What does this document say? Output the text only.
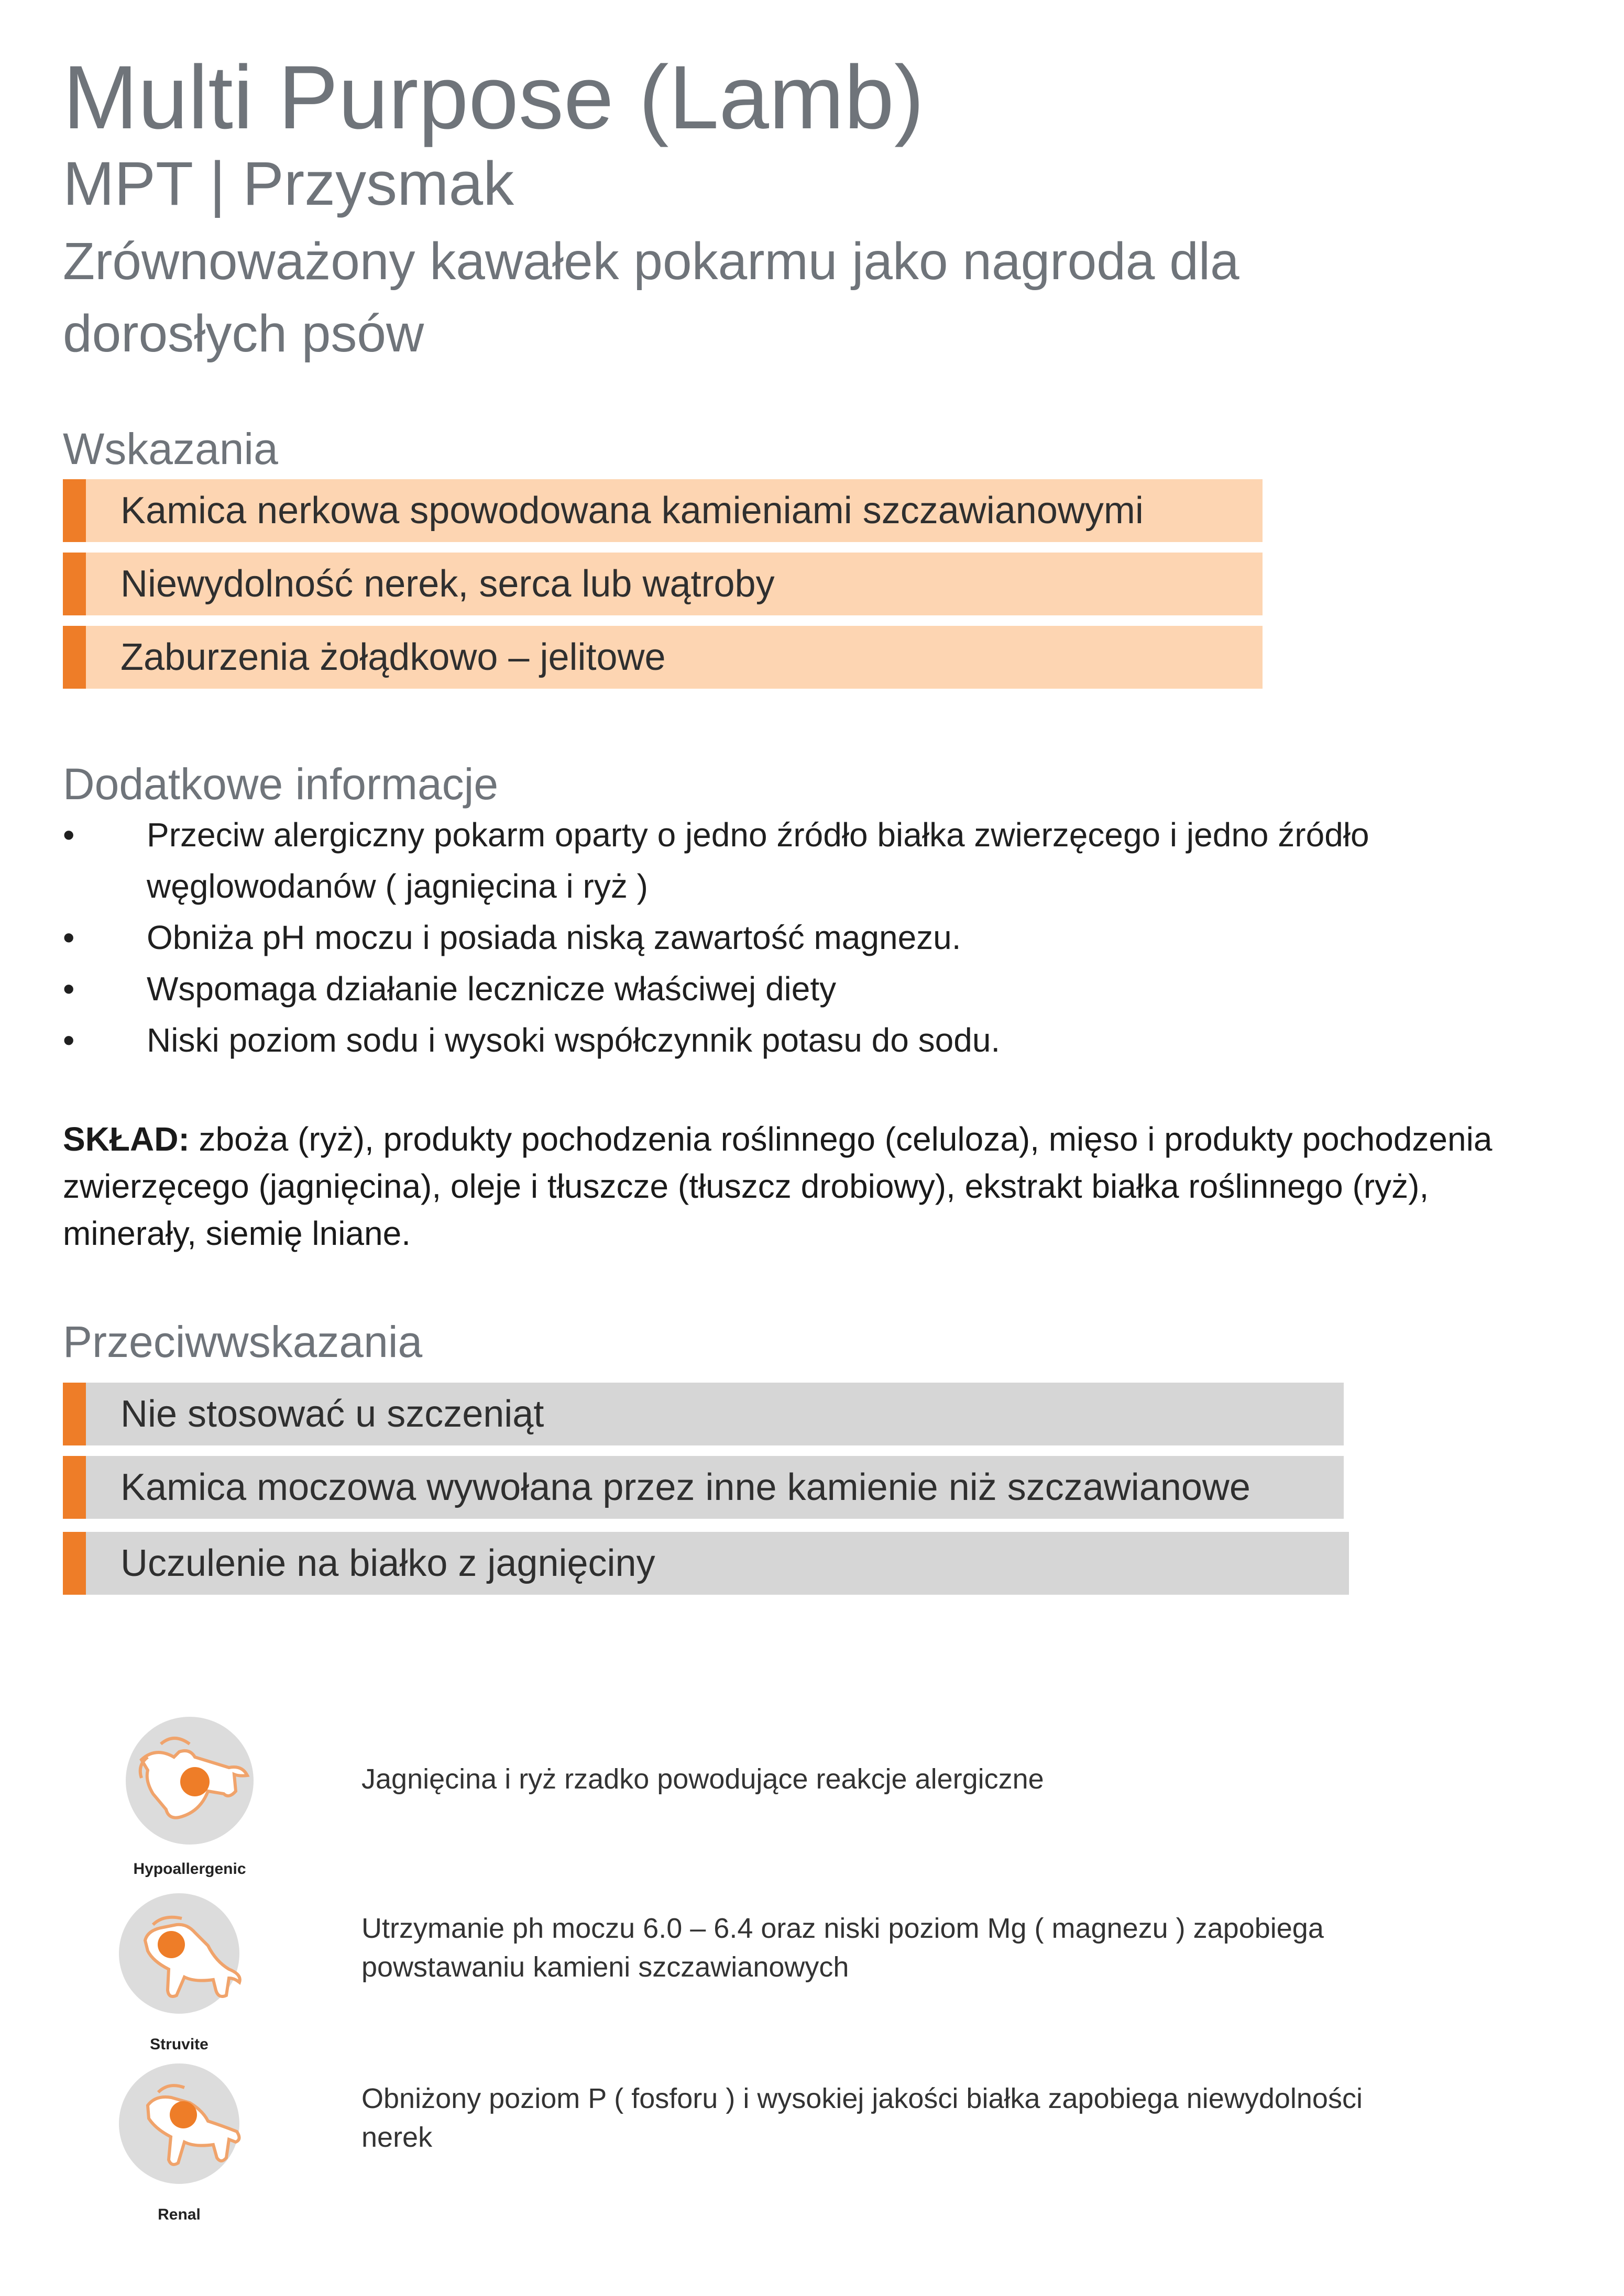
Multi Purpose (Lamb)
MPT | Przysmak
Zrównoważony kawałek pokarmu jako nagroda dla dorosłych psów
Wskazania
Kamica nerkowa spowodowana kamieniami szczawianowymi
Niewydolność nerek, serca lub wątroby
Zaburzenia żołądkowo – jelitowe
Dodatkowe informacje
• Przeciw alergiczny pokarm oparty o jedno źródło białka zwierzęcego i jedno źródło węglowodanów ( jagnięcina i ryż )
• Obniża pH moczu i posiada niską zawartość magnezu.
• Wspomaga działanie lecznicze właściwej diety
• Niski poziom sodu i wysoki współczynnik potasu do sodu.
SKŁAD: zboża (ryż), produkty pochodzenia roślinnego (celuloza), mięso i produkty pochodzenia zwierzęcego (jagnięcina), oleje i tłuszcze (tłuszcz drobiowy), ekstrakt białka roślinnego (ryż), minerały, siemię lniane.
Przeciwwskazania
Nie stosować u szczeniąt
Kamica moczowa wywołana przez inne kamienie niż szczawianowe
Uczulenie na białko z jagnięciny
Hypoallergenic
Jagnięcina i ryż rzadko powodujące reakcje alergiczne
Struvite
Utrzymanie ph moczu 6.0 – 6.4 oraz niski poziom Mg ( magnezu ) zapobiega powstawaniu kamieni szczawianowych
Renal
Obniżony poziom P ( fosforu ) i wysokiej jakości białka zapobiega niewydolności nerek
